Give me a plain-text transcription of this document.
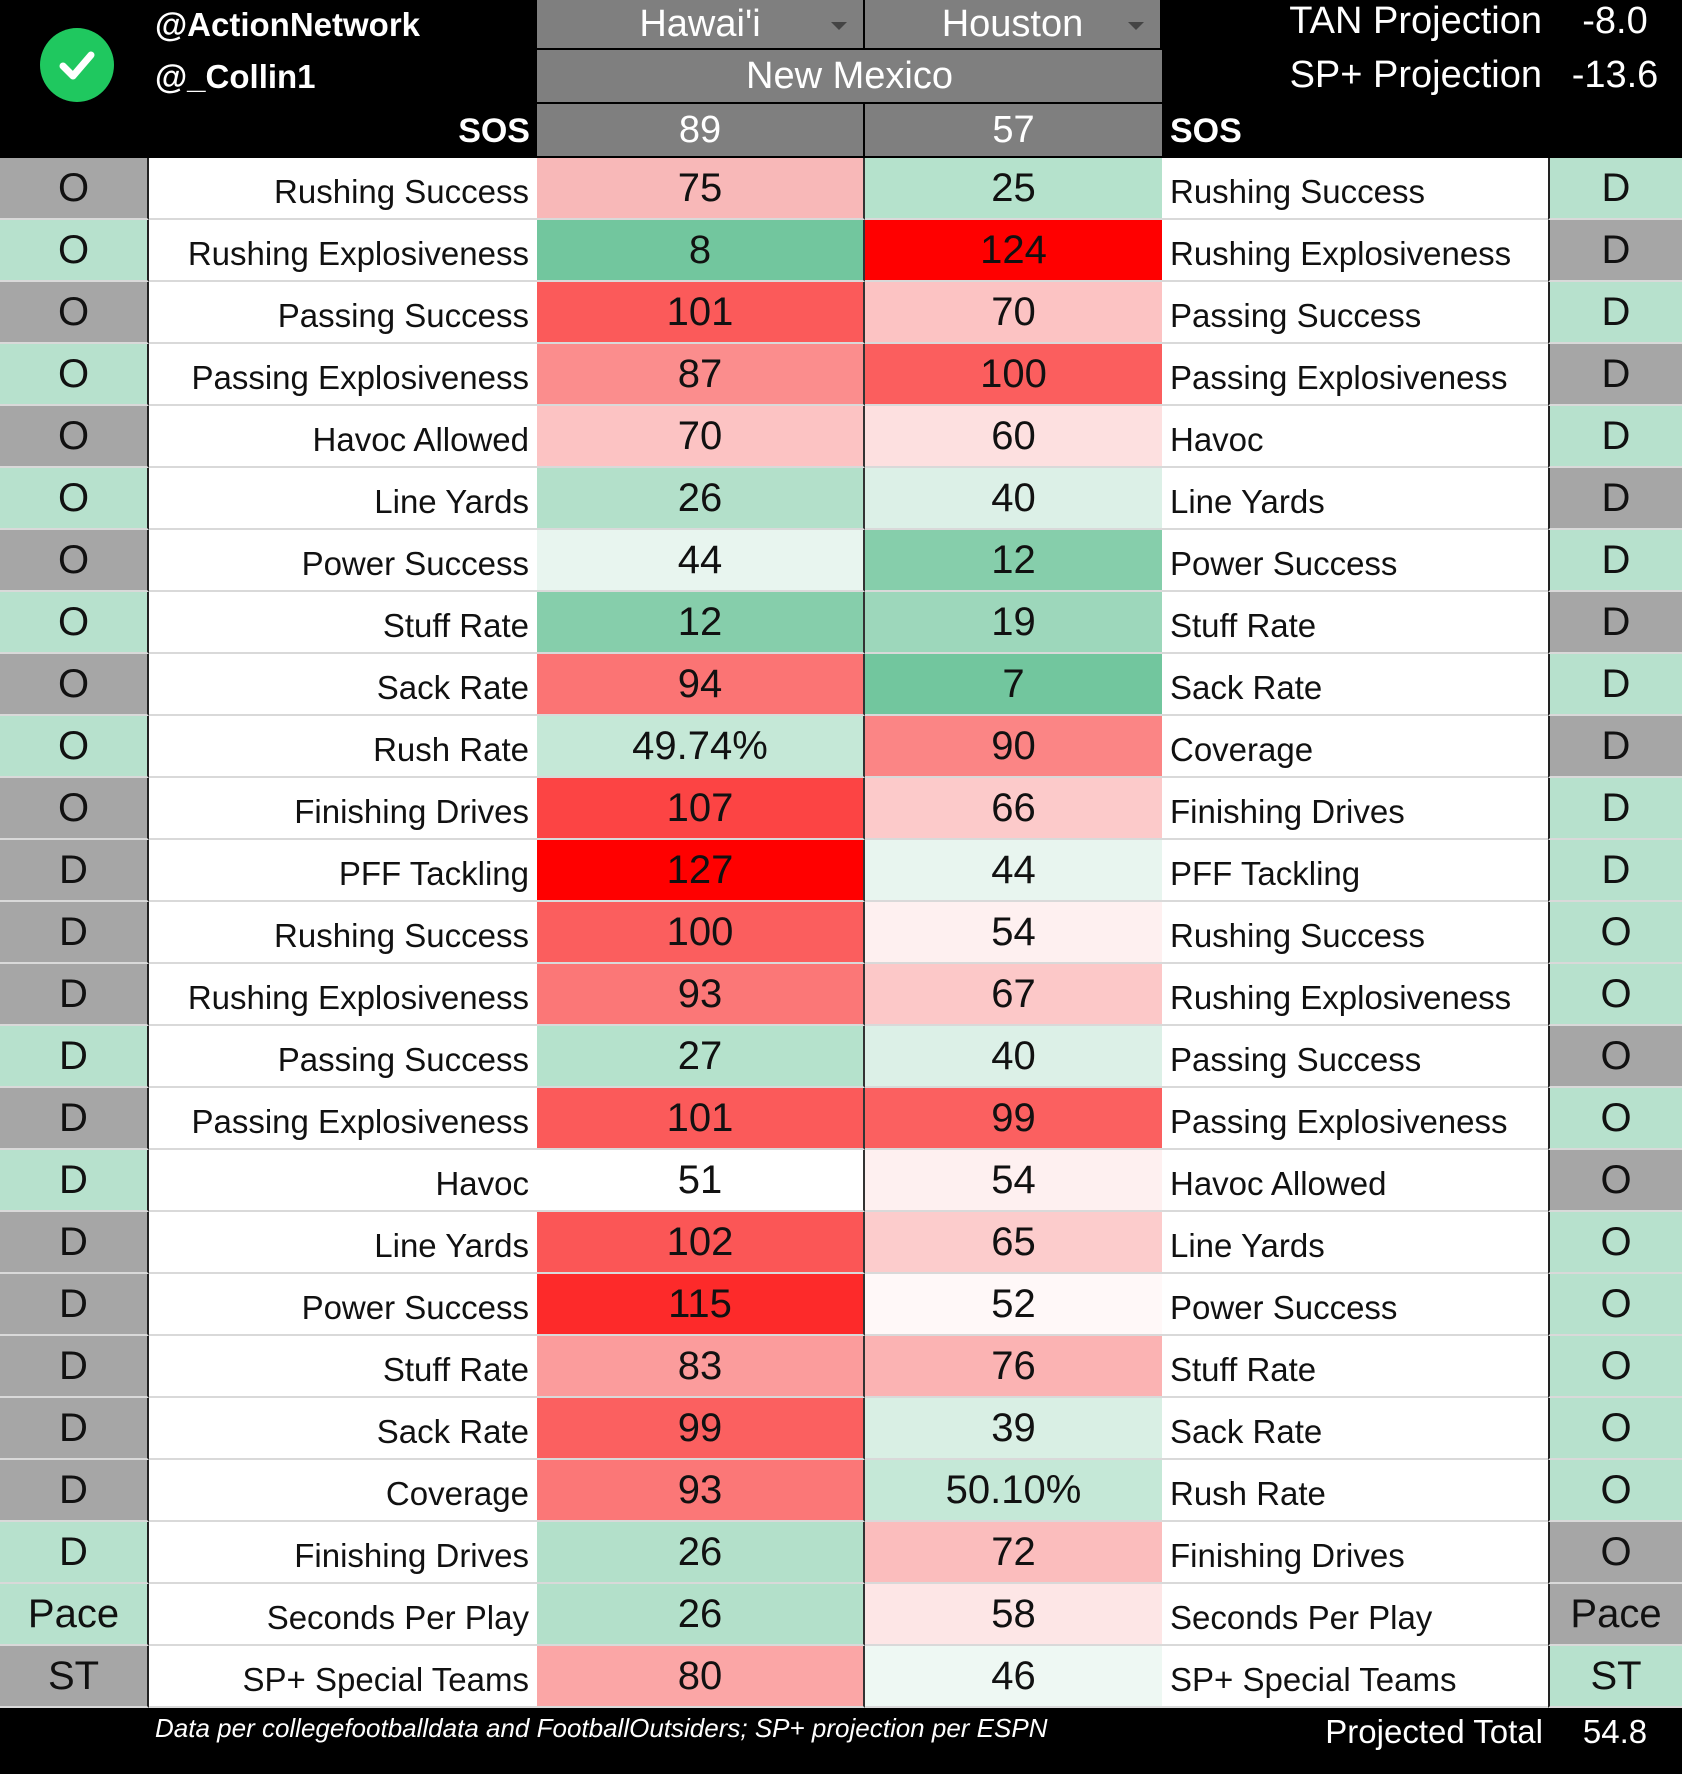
@ActionNetwork
@_Collin1
Hawai'i	Houston
New Mexico
TAN Projection	-8.0
SP+ Projection -13.6
SOS	89	57	SOS
O	Rushing Success	75	25	Rushing Success	D
O	Rushing Explosiveness	8	124	Rushing Explosiveness	D
O	Passing Success	101	70	Passing Success	D
O	Passing Explosiveness	87	100	Passing Explosiveness	D
O	Havoc Allowed	70	60	Havoc	D
O	Line Yards	26	40	Line Yards	D
O	Power Success	44	12	Power Success	D
O	Stuff Rate	12	19	Stuff Rate	D
O	Sack Rate	94	7	Sack Rate	D
O	Rush Rate	49.74%	90	Coverage	D
O	Finishing Drives	107	66	Finishing Drives	D
D	PFF Tackling	127	44	PFF Tackling	D
D	Rushing Success	100	54	Rushing Success	O
D	Rushing Explosiveness	93	67	Rushing Explosiveness	O
D	Passing Success	27	40	Passing Success	O
D	Passing Explosiveness	101	99	Passing Explosiveness	O
D	Havoc	51	54	Havoc Allowed	O
D	Line Yards	102	65	Line Yards	O
D	Power Success	115	52	Power Success	O
D	Stuff Rate	83	76	Stuff Rate	O
D	Sack Rate	99	39	Sack Rate	O
D	Coverage	93	50.10%	Rush Rate	O
D	Finishing Drives	26	72	Finishing Drives	O
Pace	Seconds Per Play	26	58	Seconds Per Play	Pace
ST	SP+ Special Teams	80	46	SP+ Special Teams	ST
Data per collegefootballdata and FootballOutsiders; SP+ projection per ESPN	Projected Total	54.8
